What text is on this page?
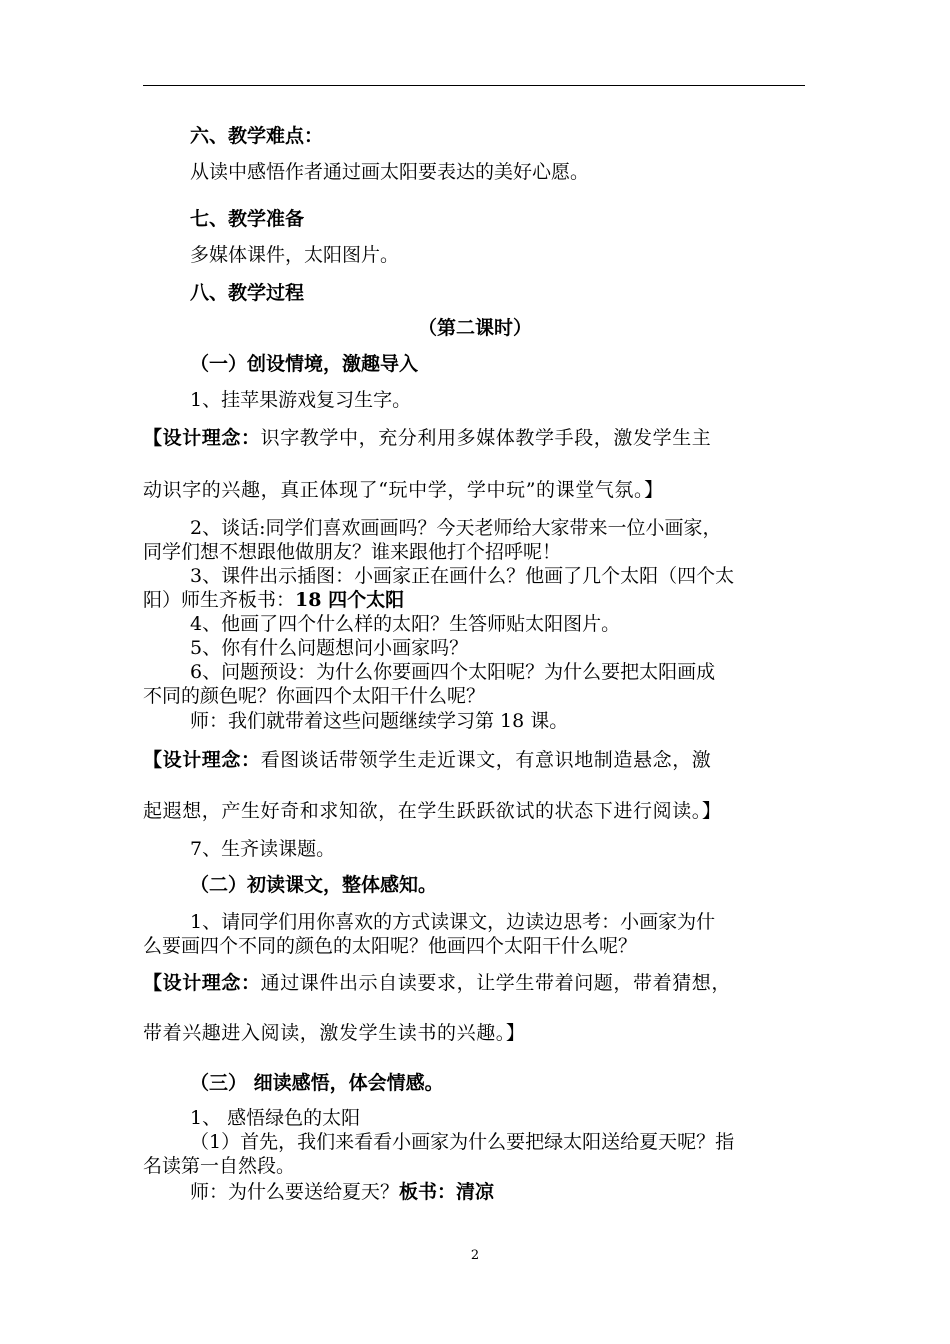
六、教学难点：

从读中感悟作者通过画太阳要表达的美好心愿。

七、教学准备

多媒体课件，太阳图片。

八、教学过程

（第二课时）

（一）创设情境，激趣导入

1、挂苹果游戏复习生字。

【设计理念：识字教学中，充分利用多媒体教学手段，激发学生主

动识字的兴趣，真正体现了“玩中学，学中玩”的课堂气氛。】

2、谈话:同学们喜欢画画吗？今天老师给大家带来一位小画家，

同学们想不想跟他做朋友？谁来跟他打个招呼呢！

3、课件出示插图：小画家正在画什么？他画了几个太阳（四个太

阳）师生齐板书：18 四个太阳

4、他画了四个什么样的太阳？生答师贴太阳图片。

5、你有什么问题想问小画家吗？

6、问题预设：为什么你要画四个太阳呢？为什么要把太阳画成

不同的颜色呢？你画四个太阳干什么呢？

师：我们就带着这些问题继续学习第 18 课。

【设计理念：看图谈话带领学生走近课文，有意识地制造悬念，激

起遐想，产生好奇和求知欲，在学生跃跃欲试的状态下进行阅读。】

7、生齐读课题。

（二）初读课文，整体感知。

1、请同学们用你喜欢的方式读课文，边读边思考：小画家为什

么要画四个不同的颜色的太阳呢？他画四个太阳干什么呢？

【设计理念：通过课件出示自读要求，让学生带着问题，带着猜想，

带着兴趣进入阅读，激发学生读书的兴趣。】

（三） 细读感悟，体会情感。

1、 感悟绿色的太阳

（1）首先，我们来看看小画家为什么要把绿太阳送给夏天呢？指

名读第一自然段。

师：为什么要送给夏天？板书：清凉

2
